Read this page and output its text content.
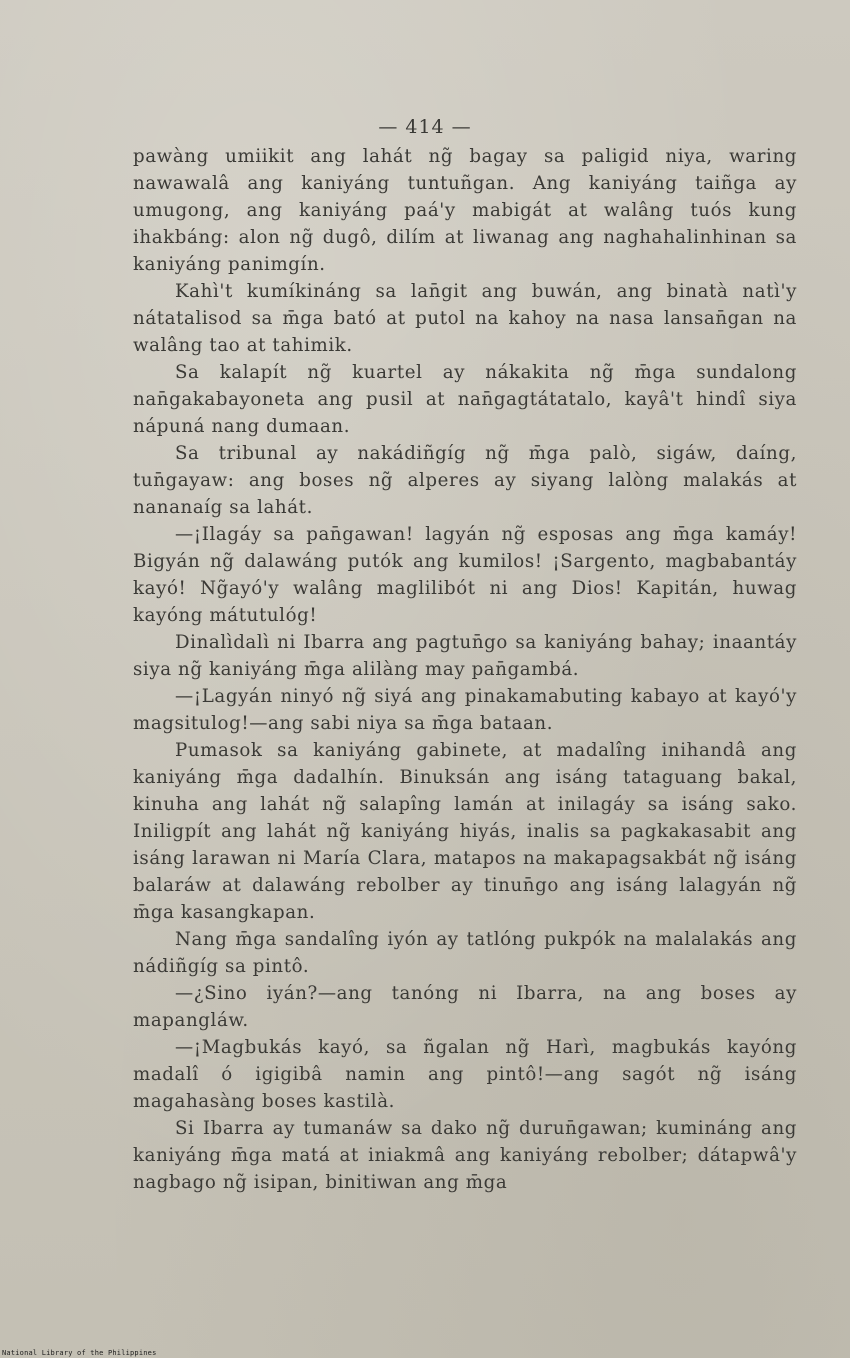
— 414 —

pawàng umiikit ang lahát ng̃ bagay sa paligid niya, waring nawawalâ ang kaniyáng tuntuñgan. Ang kaniyáng taiñga ay umugong, ang kaniyáng paá'y mabigát at walâng tuós kung ihakbáng: alon ng̃ dugô, dilím at liwanag ang naghahalinhinan sa kaniyáng panimgín.

Kahì't kumíkináng sa lan̄git ang buwán, ang binatà natì'y nátatalisod sa m̄ga bató at putol na kahoy na nasa lansan̄gan na walâng tao at tahimik.

Sa kalapít ng̃ kuartel ay nákakita ng̃ m̄ga sundalong nan̄gakabayoneta ang pusil at nan̄gagtátatalo, kayâ't hindî siya nápuná nang dumaan.

Sa tribunal ay nakádiñgíg ng̃ m̄ga palò, sigáw, daíng, tun̄gayaw: ang boses ng̃ alperes ay siyang lalòng malakás at nananaíg sa lahát.

—¡Ilagáy sa pan̄gawan! lagyán ng̃ esposas ang m̄ga kamáy! Bigyán ng̃ dalawáng putók ang kumilos! ¡Sargento, magbabantáy kayó! Ng̃ayó'y walâng maglilibót ni ang Dios! Kapitán, huwag kayóng mátutulóg!

Dinalìdalì ni Ibarra ang pagtun̄go sa kaniyáng bahay; inaantáy siya ng̃ kaniyáng m̄ga alilàng may pan̄gambá.

—¡Lagyán ninyó ng̃ siyá ang pinakamabuting kabayo at kayó'y magsitulog!—ang sabi niya sa m̄ga bataan.

Pumasok sa kaniyáng gabinete, at madalîng inihandâ ang kaniyáng m̄ga dadalhín. Binuksán ang isáng tataguang bakal, kinuha ang lahát ng̃ salapîng lamán at inilagáy sa isáng sako. Iniligpít ang lahát ng̃ kaniyáng hiyás, inalis sa pagkakasabit ang isáng larawan ni María Clara, matapos na makapagsakbát ng̃ isáng balaráw at dalawáng rebolber ay tinun̄go ang isáng lalagyán ng̃ m̄ga kasangkapan.

Nang m̄ga sandalîng iyón ay tatlóng pukpók na malalakás ang nádiñgíg sa pintô.

—¿Sino iyán?—ang tanóng ni Ibarra, na ang boses ay mapangláw.

—¡Magbukás kayó, sa ñgalan ng̃ Harì, magbukás kayóng madalî ó igigibâ namin ang pintô!—ang sagót ng̃ isáng magahasàng boses kastilà.

Si Ibarra ay tumanáw sa dako ng̃ durun̄gawan; kumináng ang kaniyáng m̄ga matá at iniakmâ ang kaniyáng rebolber; dátapwâ'y nagbago ng̃ isipan, binitiwan ang m̄ga

National Library of the Philippines
